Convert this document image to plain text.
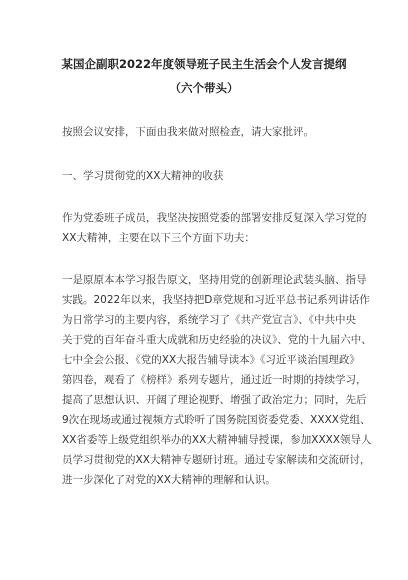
某国企副职2022年度领导班子民主生活会个人发言提纲
（六个带头）
按照会议安排，下面由我来做对照检查，请大家批评。
一、学习贯彻党的XX大精神的收获
作为党委班子成员，我坚决按照党委的部署安排反复深入学习党的
XX大精神，主要在以下三个方面下功夫：
一是原原本本学习报告原文，坚持用党的创新理论武装头脑、指导
实践。2022年以来，我坚持把D章党规和习近平总书记系列讲话作
为日常学习的主要内容，系统学习了《共产党宣言》、《中共中央
关于党的百年奋斗重大成就和历史经验的决议》、党的十九届六中、
七中全会公报、《党的XX大报告辅导读本》《习近平谈治国理政》
第四卷，观看了《榜样》系列专题片，通过近一时期的持续学习，
提高了思想认识、开阔了理论视野、增强了政治定力；同时，先后
9次在现场或通过视频方式聆听了国务院国资委党委、XXXX党组、
XX省委等上级党组织举办的XX大精神辅导授课，参加XXXX领导人
员学习贯彻党的XX大精神专题研讨班。通过专家解读和交流研讨，
进一步深化了对党的XX大精神的理解和认识。
